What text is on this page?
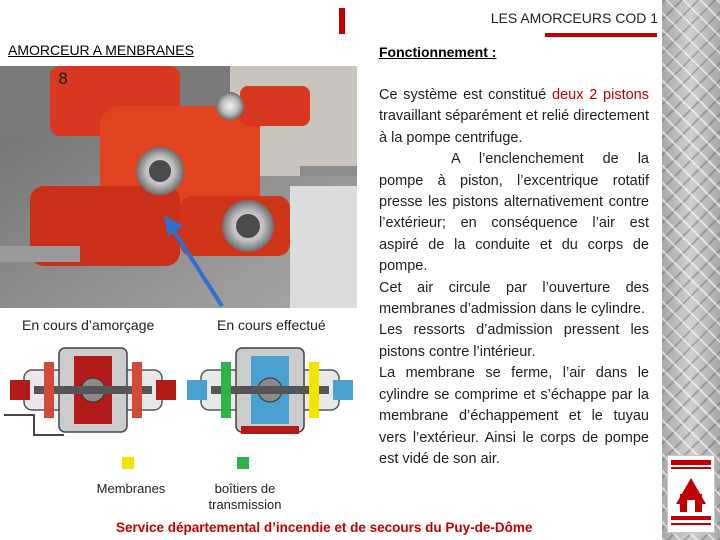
LES AMORCEURS COD 1
AMORCEUR A MENBRANES	Fonctionnement :
8
En cours d’amorçage	En cours effectué
Membranes	boîtiers de
transmission

Ce système est constitué deux 2 pistons travaillant séparément et relié directement à la pompe centrifuge.

A l’enclenchement de la pompe à piston, l’excentrique rotatif presse les pistons alternativement contre l’extérieur; en conséquence l’air est aspiré de la conduite et du corps de pompe.

Cet air circule par l’ouverture des membranes d’admission dans le cylindre.

Les ressorts d’admission pressent les pistons contre l’intérieur.

La membrane se ferme, l’air dans le cylindre se comprime et s’échappe par la membrane d’échappement et le tuyau vers l’extérieur. Ainsi le corps de pompe est vidé de son air.

Service départemental d’incendie et de secours du Puy-de-Dôme
